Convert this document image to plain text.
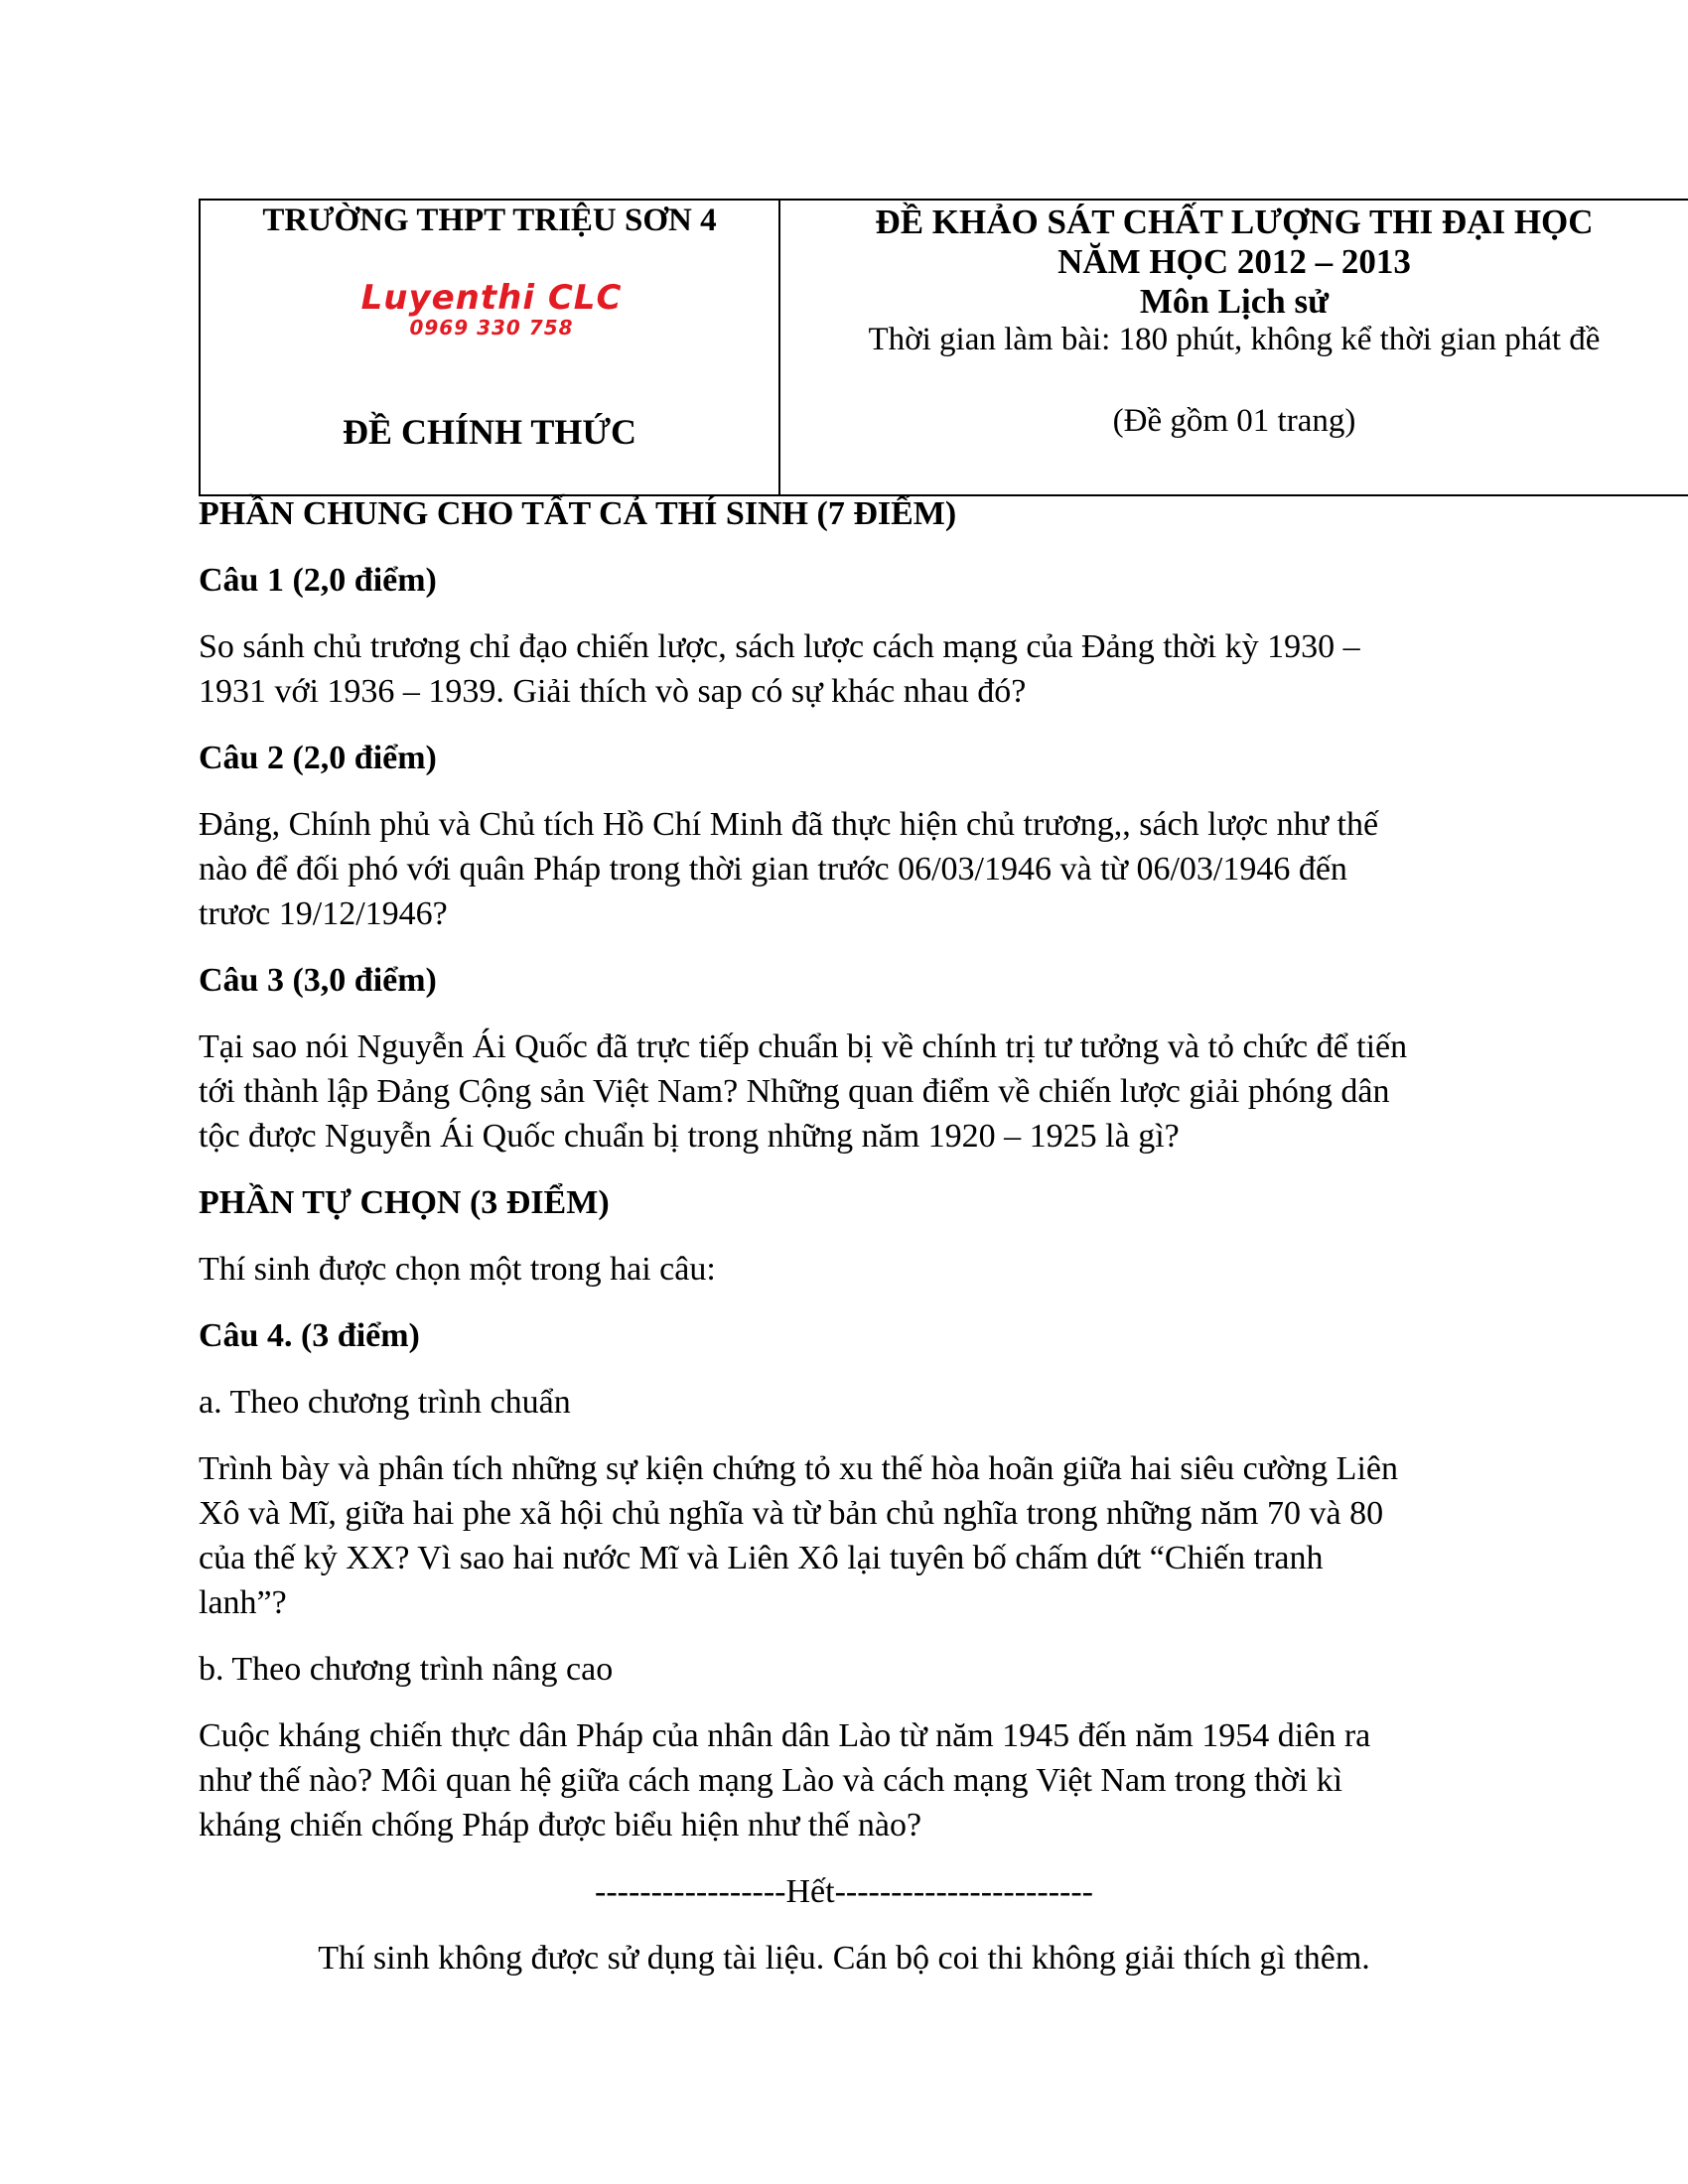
TRƯỜNG THPT TRIỆU SƠN 4
Luyenthi CLC
0969 330 758
ĐỀ CHÍNH THỨC
ĐỀ KHẢO SÁT CHẤT LƯỢNG THI ĐẠI HỌC
NĂM HỌC 2012 – 2013
Môn Lịch sử
Thời gian làm bài: 180 phút, không kể thời gian phát đề
(Đề gồm 01 trang)
PHẦN CHUNG CHO TẤT CẢ THÍ SINH (7 ĐIỂM)
Câu 1 (2,0 điểm)
So sánh chủ trương chỉ đạo chiến lược, sách lược cách mạng của Đảng thời kỳ 1930 –
1931 với 1936 – 1939. Giải thích vò sap có sự khác nhau đó?
Câu 2 (2,0 điểm)
Đảng, Chính phủ và Chủ tích Hồ Chí Minh đã thực hiện chủ trương,, sách lược như thế
nào để đối phó với quân Pháp trong thời gian trước 06/03/1946 và từ 06/03/1946 đến
trươc 19/12/1946?
Câu 3 (3,0 điểm)
Tại sao nói Nguyễn Ái Quốc đã trực tiếp chuẩn bị về chính trị tư tưởng và tỏ chức để tiến
tới thành lập Đảng Cộng sản Việt Nam? Những quan điểm về chiến lược giải phóng dân
tộc được Nguyễn Ái Quốc chuẩn bị trong những năm 1920 – 1925 là gì?
PHẦN TỰ CHỌN (3 ĐIỂM)
Thí sinh được chọn một trong hai câu:
Câu 4. (3 điểm)
a. Theo chương trình chuẩn
Trình bày và phân tích những sự kiện chứng tỏ xu thế hòa hoãn giữa hai siêu cường Liên
Xô và Mĩ, giữa hai phe xã hội chủ nghĩa và từ bản chủ nghĩa trong những năm 70 và 80
của thế kỷ XX? Vì sao hai nước Mĩ và Liên Xô lại tuyên bố chấm dứt “Chiến tranh
lanh”?
b. Theo chương trình nâng cao
Cuộc kháng chiến thực dân Pháp của nhân dân Lào từ năm 1945 đến năm 1954 diên ra
như thế nào? Môi quan hệ giữa cách mạng Lào và cách mạng Việt Nam trong thời kì
kháng chiến chống Pháp được biểu hiện như thế nào?
-----------------Hết-----------------------
Thí sinh không được sử dụng tài liệu. Cán bộ coi thi không giải thích gì thêm.
